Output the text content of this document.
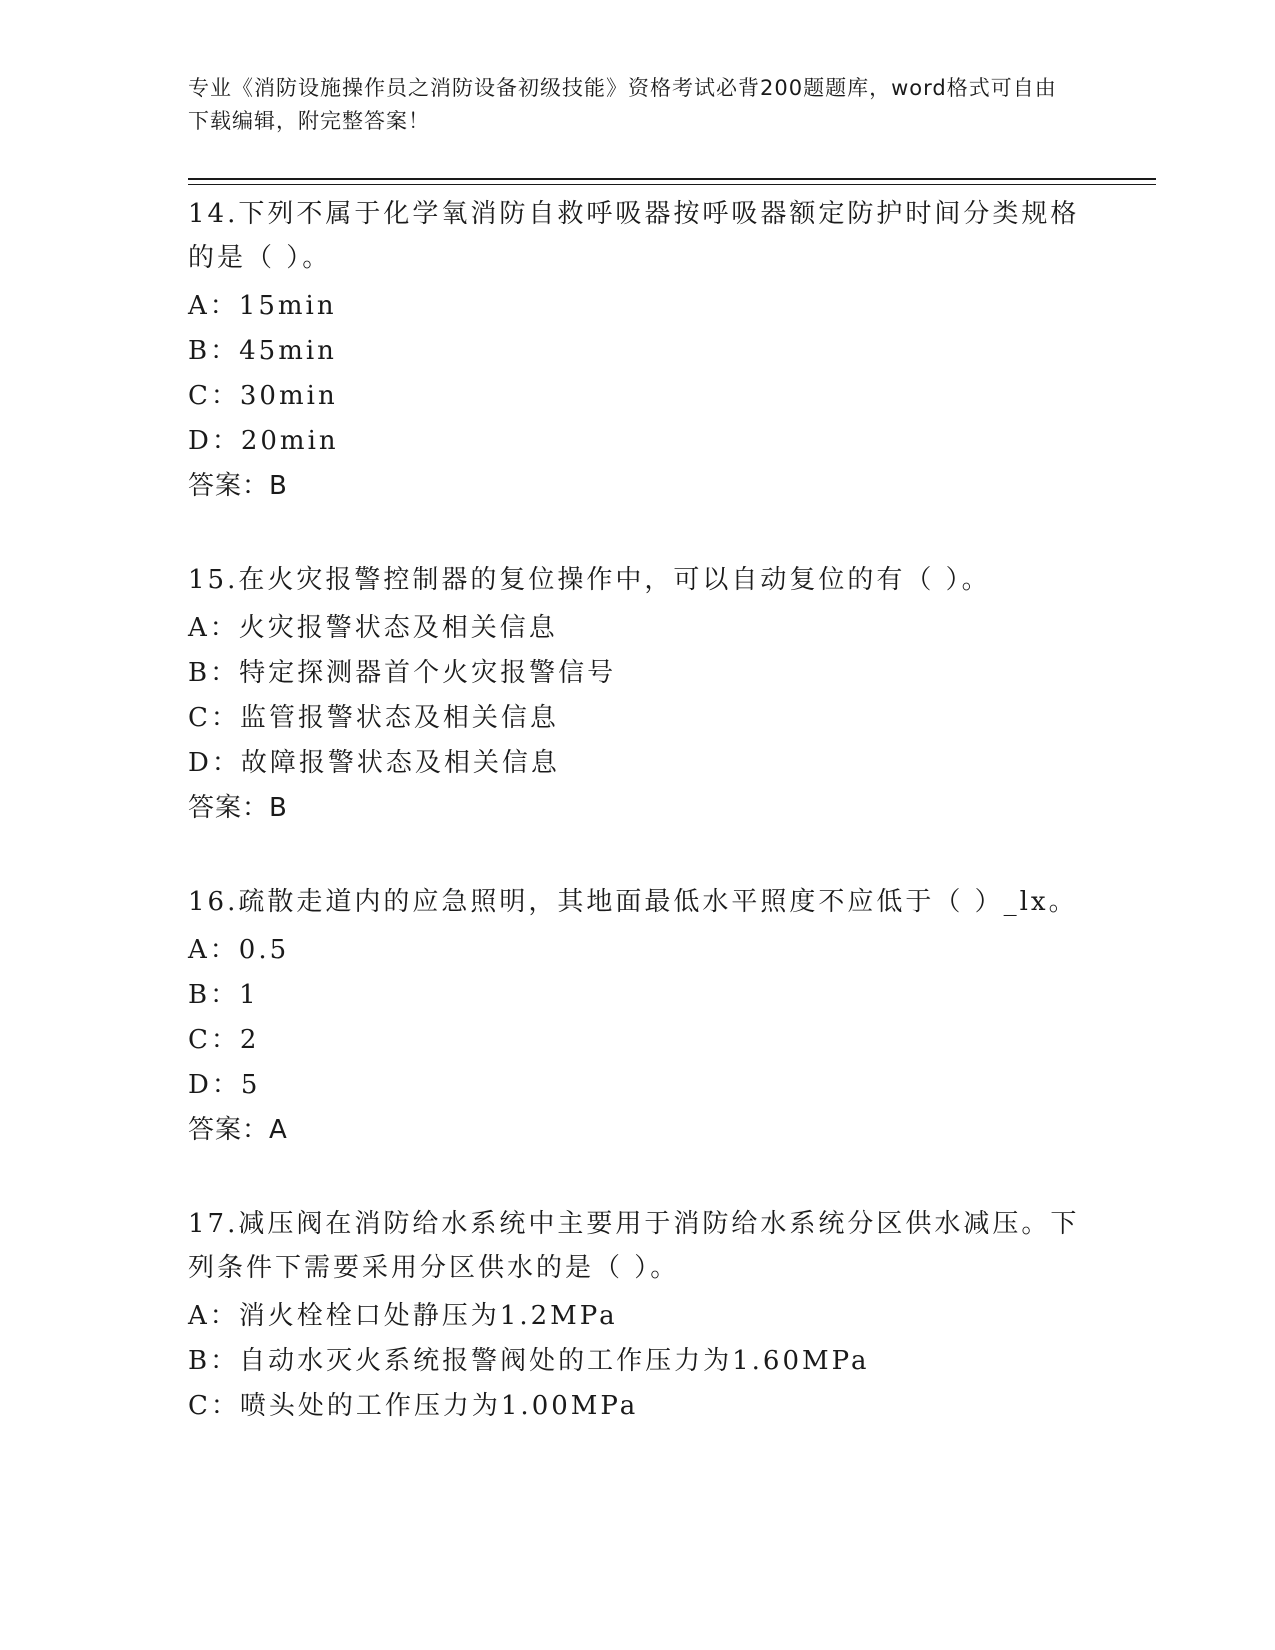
专业《消防设施操作员之消防设备初级技能》资格考试必背200题题库，word格式可自由下载编辑，附完整答案！
14.下列不属于化学氧消防自救呼吸器按呼吸器额定防护时间分类规格的是（ ）。
A：15min
B：45min
C：30min
D：20min
答案：B
15.在火灾报警控制器的复位操作中，可以自动复位的有（ ）。
A：火灾报警状态及相关信息
B：特定探测器首个火灾报警信号
C：监管报警状态及相关信息
D：故障报警状态及相关信息
答案：B
16.疏散走道内的应急照明，其地面最低水平照度不应低于（ ）_lx。
A：0.5
B：1
C：2
D：5
答案：A
17.减压阀在消防给水系统中主要用于消防给水系统分区供水减压。下列条件下需要采用分区供水的是（ ）。
A：消火栓栓口处静压为1.2MPa
B：自动水灭火系统报警阀处的工作压力为1.60MPa
C：喷头处的工作压力为1.00MPa
